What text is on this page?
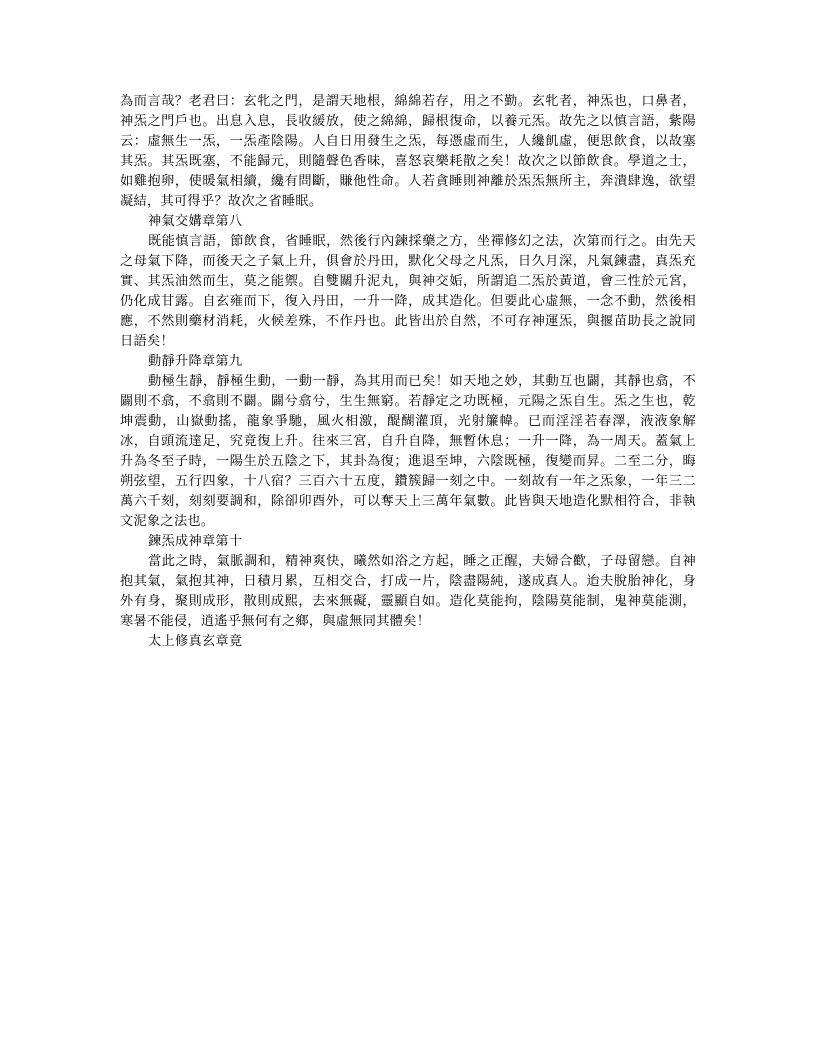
為而言哉？老君曰：玄牝之門，是謂天地根，綿綿若存，用之不勤。玄牝者，神炁也，口鼻者，神炁之門戶也。出息入息，長收緩放，使之綿綿，歸根復命，以養元炁。故先之以慎言語，紫陽云：虛無生一炁，一炁產陰陽。人自日用發生之炁，每憑虛而生，人纔飢虛，便思飲食，以故塞其炁。其炁既塞，不能歸元，則隨聲色香味，喜怒哀樂耗散之矣！故次之以節飲食。學道之士，如雞抱卵，使暖氣相續，纔有問斷，賺他性命。人若貪睡則神離於炁炁無所主，奔潰肆逸，欲望凝結，其可得乎？故次之省睡眠。

神氣交媾章第八

既能慎言語，節飲食，省睡眠，然後行內鍊採藥之方，坐禪修幻之法，次第而行之。由先天之母氣下降，而後天之子氣上升，俱會於丹田，默化父母之凡炁，日久月深，凡氣鍊盡，真炁充實、其炁油然而生，莫之能禦。自雙關升泥丸，與神交姤，所謂追二炁於黃道，會三性於元宮，仍化成甘露。自玄雍而下，復入丹田，一升一降，成其造化。但要此心虛無，一念不動，然後相應，不然則藥材消耗，火候差殊，不作丹也。此皆出於自然，不可存神運炁，與揠苗助長之說同日語矣！

動靜升降章第九

動極生靜，靜極生動，一動一靜，為其用而已矣！如天地之妙，其動互也闢，其靜也翕，不闢則不翕，不翕則不闢。闢兮翕兮，生生無窮。若靜定之功既極，元陽之炁自生。炁之生也，乾坤震動，山嶽動搖，龍象爭馳，風火相激，醍醐灌頂，光射簾幃。已而淫淫若春澤，液液象解冰，自頭流達足，究竟復上升。往來三宮，自升自降，無暫休息；一升一降，為一周天。蓋氣上升為冬至子時，一陽生於五陰之下，其卦為復；進退至坤，六陰既極，復變而昇。二至二分，晦朔弦望，五行四象，十八宿？三百六十五度，鑽簇歸一刻之中。一刻故有一年之炁象，一年三二萬六千刻，刻刻要調和，除卻卯酉外，可以奪天上三萬年氣數。此皆與天地造化默相符合，非執文泥象之法也。

鍊炁成神章第十

當此之時，氣脈調和，精神爽快，曦然如浴之方起，睡之正醒，夫婦合歡，子母留戀。自神抱其氣，氣抱其神，日積月累，互相交合，打成一片，陰盡陽純，遂成真人。迨夫脫胎神化，身外有身，聚則成形，散則成熙，去來無礙，靈顯自如。造化莫能拘，陰陽莫能制，鬼神莫能測，寒暑不能侵，逍遙乎無何有之鄉，與虛無同其體矣！

太上修真玄章竟
